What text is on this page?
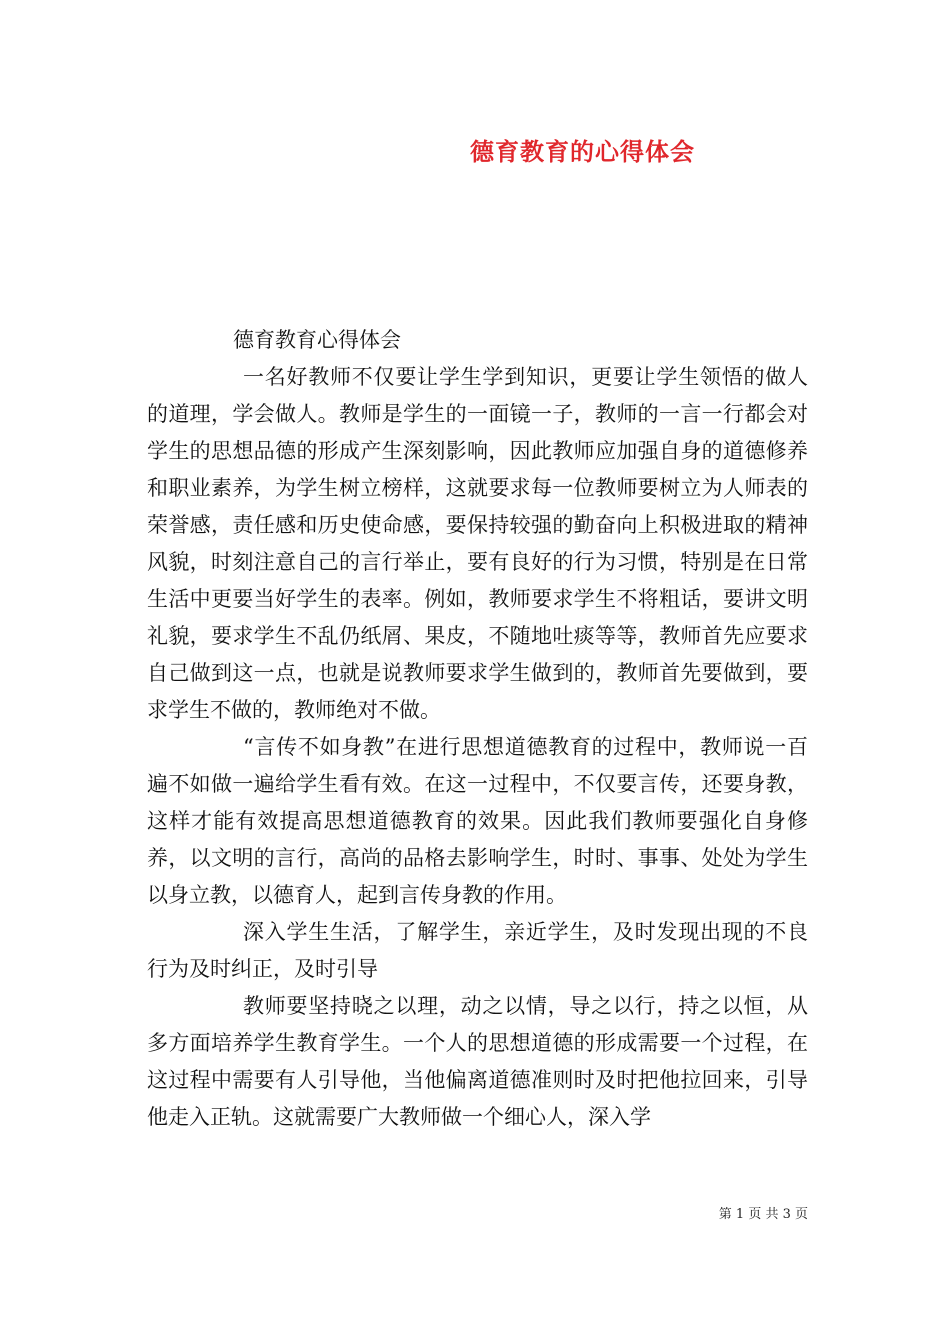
德育教育的心得体会

德育教育心得体会

一名好教师不仅要让学生学到知识，更要让学生领悟的做人的道理，学会做人。教师是学生的一面镜一子，教师的一言一行都会对学生的思想品德的形成产生深刻影响，因此教师应加强自身的道德修养和职业素养，为学生树立榜样，这就要求每一位教师要树立为人师表的荣誉感，责任感和历史使命感，要保持较强的勤奋向上积极进取的精神风貌，时刻注意自己的言行举止，要有良好的行为习惯，特别是在日常生活中更要当好学生的表率。例如，教师要求学生不将粗话，要讲文明礼貌，要求学生不乱仍纸屑、果皮，不随地吐痰等等，教师首先应要求自己做到这一点，也就是说教师要求学生做到的，教师首先要做到，要求学生不做的，教师绝对不做。

“言传不如身教”在进行思想道德教育的过程中，教师说一百遍不如做一遍给学生看有效。在这一过程中，不仅要言传，还要身教，这样才能有效提高思想道德教育的效果。因此我们教师要强化自身修养，以文明的言行，高尚的品格去影响学生，时时、事事、处处为学生以身立教，以德育人，起到言传身教的作用。

深入学生生活，了解学生，亲近学生，及时发现出现的不良行为及时纠正，及时引导

教师要坚持晓之以理，动之以情，导之以行，持之以恒，从多方面培养学生教育学生。一个人的思想道德的形成需要一个过程，在这过程中需要有人引导他，当他偏离道德准则时及时把他拉回来，引导他走入正轨。这就需要广大教师做一个细心人，深入学

第 1 页 共 3 页
